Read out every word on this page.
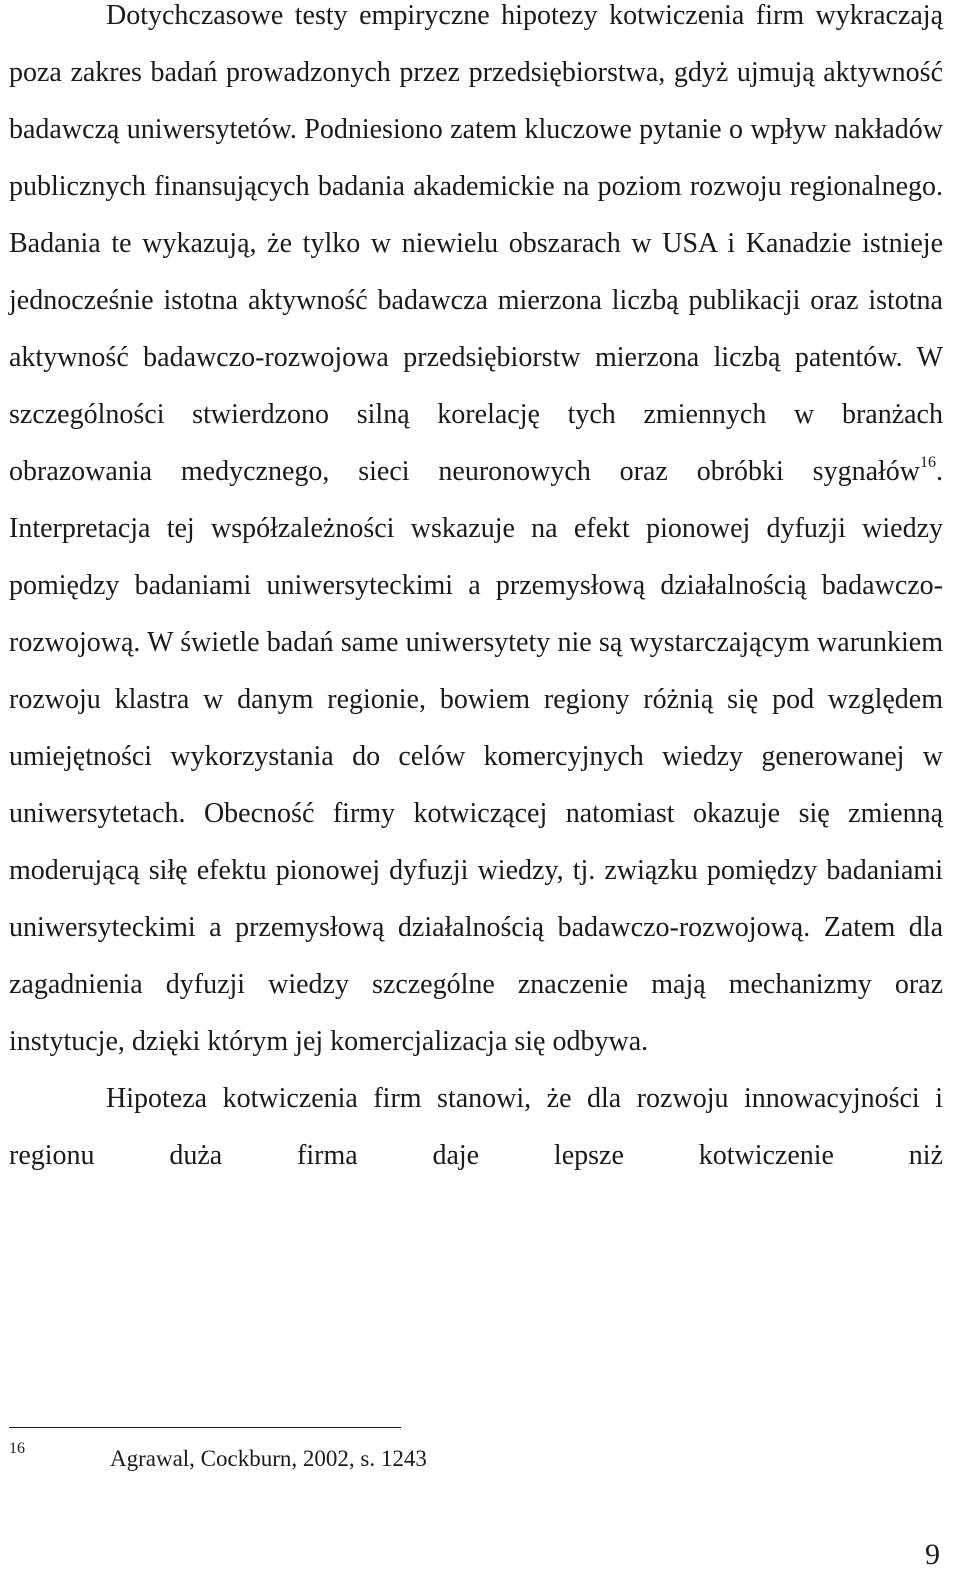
Dotychczasowe testy empiryczne hipotezy kotwiczenia firm wykraczają poza zakres badań prowadzonych przez przedsiębiorstwa, gdyż ujmują aktywność badawczą uniwersytetów. Podniesiono zatem kluczowe pytanie o wpływ nakładów publicznych finansujących badania akademickie na poziom rozwoju regionalnego. Badania te wykazują, że tylko w niewielu obszarach w USA i Kanadzie istnieje jednocześnie istotna aktywność badawcza mierzona liczbą publikacji oraz istotna aktywność badawczo-rozwojowa przedsiębiorstw mierzona liczbą patentów. W szczególności stwierdzono silną korelację tych zmiennych w branżach obrazowania medycznego, sieci neuronowych oraz obróbki sygnałów$^{16}$. Interpretacja tej współzależności wskazuje na efekt pionowej dyfuzji wiedzy pomiędzy badaniami uniwersyteckimi a przemysłową działalnością badawczo-rozwojową. W świetle badań same uniwersytety nie są wystarczającym warunkiem rozwoju klastra w danym regionie, bowiem regiony różnią się pod względem umiejętności wykorzystania do celów komercyjnych wiedzy generowanej w uniwersytetach. Obecność firmy kotwiczącej natomiast okazuje się zmienną moderującą siłę efektu pionowej dyfuzji wiedzy, tj. związku pomiędzy badaniami uniwersyteckimi a przemysłową działalnością badawczo-rozwojową. Zatem dla zagadnienia dyfuzji wiedzy szczególne znaczenie mają mechanizmy oraz instytucje, dzięki którym jej komercjalizacja się odbywa.

Hipoteza kotwiczenia firm stanowi, że dla rozwoju innowacyjności i regionu duża firma daje lepsze kotwiczenie niż

16	Agrawal, Cockburn, 2002, s. 1243
9
